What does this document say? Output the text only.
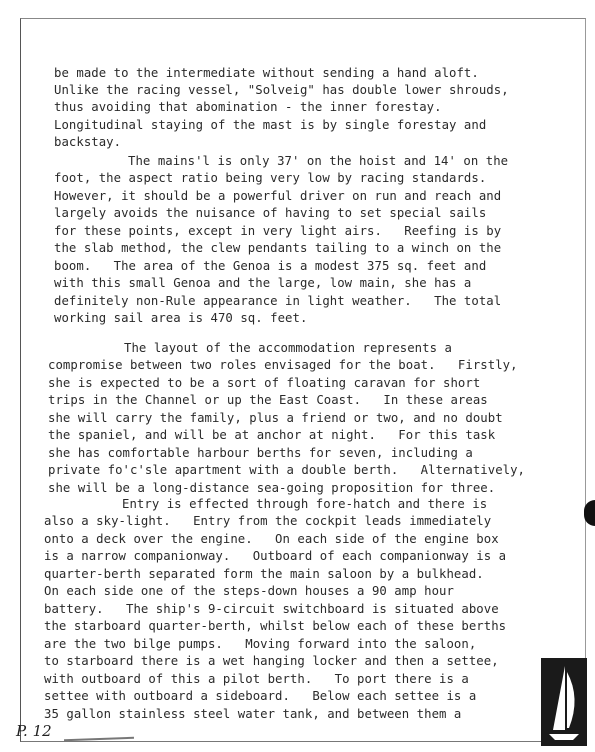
be made to the intermediate without sending a hand aloft.
Unlike the racing vessel, "Solveig" has double lower shrouds,
thus avoiding that abomination - the inner forestay.
Longitudinal staying of the mast is by single forestay and
backstay.
The mains'l is only 37' on the hoist and 14' on the
foot, the aspect ratio being very low by racing standards.
However, it should be a powerful driver on run and reach and
largely avoids the nuisance of having to set special sails
for these points, except in very light airs.   Reefing is by
the slab method, the clew pendants tailing to a winch on the
boom.   The area of the Genoa is a modest 375 sq. feet and
with this small Genoa and the large, low main, she has a
definitely non-Rule appearance in light weather.   The total
working sail area is 470 sq. feet.
The layout of the accommodation represents a
compromise between two roles envisaged for the boat.   Firstly,
she is expected to be a sort of floating caravan for short
trips in the Channel or up the East Coast.   In these areas
she will carry the family, plus a friend or two, and no doubt
the spaniel, and will be at anchor at night.   For this task
she has comfortable harbour berths for seven, including a
private fo'c'sle apartment with a double berth.   Alternatively,
she will be a long-distance sea-going proposition for three.
Entry is effected through fore-hatch and there is
also a sky-light.   Entry from the cockpit leads immediately
onto a deck over the engine.   On each side of the engine box
is a narrow companionway.   Outboard of each companionway is a
quarter-berth separated form the main saloon by a bulkhead.
On each side one of the steps-down houses a 90 amp hour
battery.   The ship's 9-circuit switchboard is situated above
the starboard quarter-berth, whilst below each of these berths
are the two bilge pumps.   Moving forward into the saloon,
to starboard there is a wet hanging locker and then a settee,
with outboard of this a pilot berth.   To port there is a
settee with outboard a sideboard.   Below each settee is a
35 gallon stainless steel water tank, and between them a
P. 12
